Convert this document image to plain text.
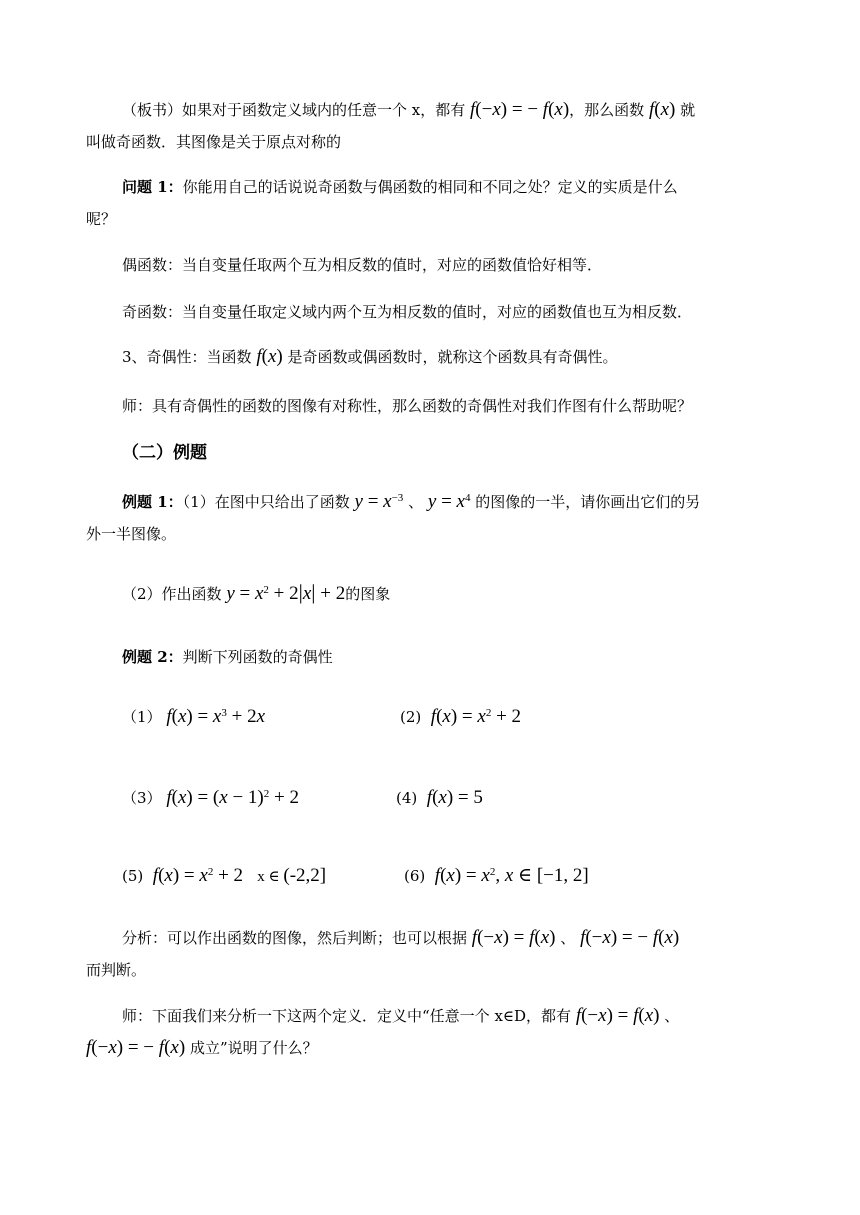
（板书）如果对于函数定义域内的任意一个 x，都有 f(−x) = − f(x)，那么函数 f(x) 就
叫做奇函数．其图像是关于原点对称的
问题 1：你能用自己的话说说奇函数与偶函数的相同和不同之处？定义的实质是什么
呢？
偶函数：当自变量任取两个互为相反数的值时，对应的函数值恰好相等．
奇函数：当自变量任取定义域内两个互为相反数的值时，对应的函数值也互为相反数．
3、奇偶性：当函数 f(x) 是奇函数或偶函数时，就称这个函数具有奇偶性。
师：具有奇偶性的函数的图像有对称性，那么函数的奇偶性对我们作图有什么帮助呢？
（二）例题
例题 1：（1）在图中只给出了函数 $y = x^{-3}$ 、 $y = x^4$ 的图像的一半，请你画出它们的另
外一半图像。
（2）作出函数 $y = x^2 + 2|x| + 2$的图象
例题 2：判断下列函数的奇偶性
（1） $f(x) = x^3 + 2x$	(2) $f(x) = x^2 + 2$
（3） $f(x) = (x - 1)^2 + 2$	(4) f(x) = 5
(5) $f(x) = x^2 + 2$   x ∈ (-2,2]	(6) $f(x) = x^2$, x ∈ [−1, 2]
分析：可以作出函数的图像，然后判断；也可以根据 f(−x) = f(x) 、 f(−x) = − f(x)
而判断。
师：下面我们来分析一下这两个定义．定义中“任意一个 x∈D，都有 f(−x) = f(x) 、
f(−x) = − f(x) 成立”说明了什么？
